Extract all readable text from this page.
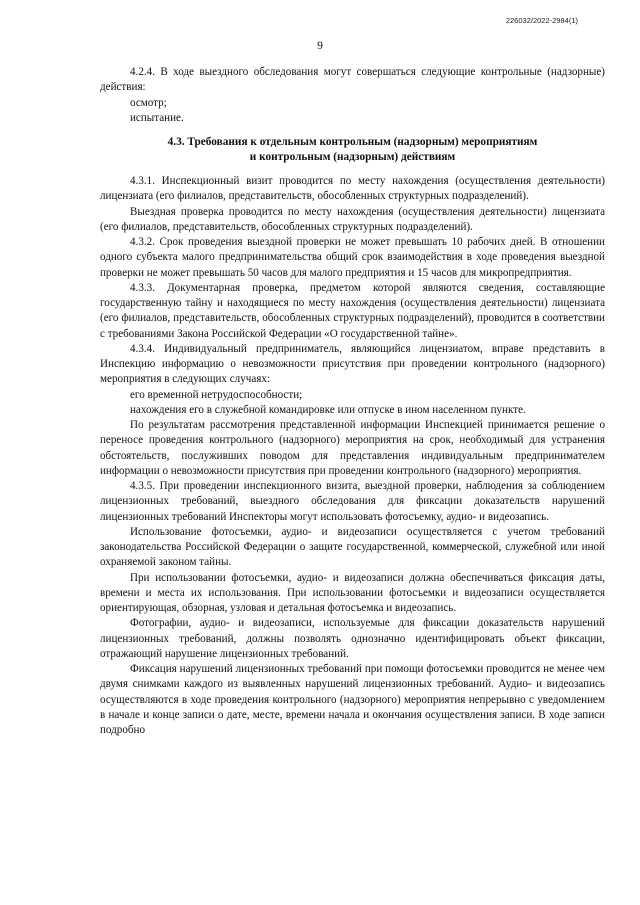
226032/2022-2984(1)
9

4.2.4. В ходе выездного обследования могут совершаться следующие контрольные (надзорные) действия:

осмотр;

испытание.

4.3. Требования к отдельным контрольным (надзорным) мероприятиям
и контрольным (надзорным) действиям

4.3.1. Инспекционный визит проводится по месту нахождения (осуществления деятельности) лицензиата (его филиалов, представительств, обособленных структурных подразделений).

Выездная проверка проводится по месту нахождения (осуществления деятельности) лицензиата (его филиалов, представительств, обособленных структурных подразделений).

4.3.2. Срок проведения выездной проверки не может превышать 10 рабочих дней. В отношении одного субъекта малого предпринимательства общий срок взаимодействия в ходе проведения выездной проверки не может превышать 50 часов для малого предприятия и 15 часов для микропредприятия.

4.3.3. Документарная проверка, предметом которой являются сведения, составляющие государственную тайну и находящиеся по месту нахождения (осуществления деятельности) лицензиата (его филиалов, представительств, обособленных структурных подразделений), проводится в соответствии с требованиями Закона Российской Федерации «О государственной тайне».

4.3.4. Индивидуальный предприниматель, являющийся лицензиатом, вправе представить в Инспекцию информацию о невозможности присутствия при проведении контрольного (надзорного) мероприятия в следующих случаях:

его временной нетрудоспособности;

нахождения его в служебной командировке или отпуске в ином населенном пункте.

По результатам рассмотрения представленной информации Инспекцией принимается решение о переносе проведения контрольного (надзорного) мероприятия на срок, необходимый для устранения обстоятельств, послуживших поводом для представления индивидуальным предпринимателем информации о невозможности присутствия при проведении контрольного (надзорного) мероприятия.

4.3.5. При проведении инспекционного визита, выездной проверки, наблюдения за соблюдением лицензионных требований, выездного обследования для фиксации доказательств нарушений лицензионных требований Инспекторы могут использовать фотосъемку, аудио- и видеозапись.

Использование фотосъемки, аудио- и видеозаписи осуществляется с учетом требований законодательства Российской Федерации о защите государственной, коммерческой, служебной или иной охраняемой законом тайны.

При использовании фотосъемки, аудио- и видеозаписи должна обеспечиваться фиксация даты, времени и места их использования. При использовании фотосъемки и видеозаписи осуществляется ориентирующая, обзорная, узловая и детальная фотосъемка и видеозапись.

Фотографии, аудио- и видеозаписи, используемые для фиксации доказательств нарушений лицензионных требований, должны позволять однозначно идентифицировать объект фиксации, отражающий нарушение лицензионных требований.

Фиксация нарушений лицензионных требований при помощи фотосъемки проводится не менее чем двумя снимками каждого из выявленных нарушений лицензионных требований. Аудио- и видеозапись осуществляются в ходе проведения контрольного (надзорного) мероприятия непрерывно с уведомлением в начале и конце записи о дате, месте, времени начала и окончания осуществления записи. В ходе записи подробно
